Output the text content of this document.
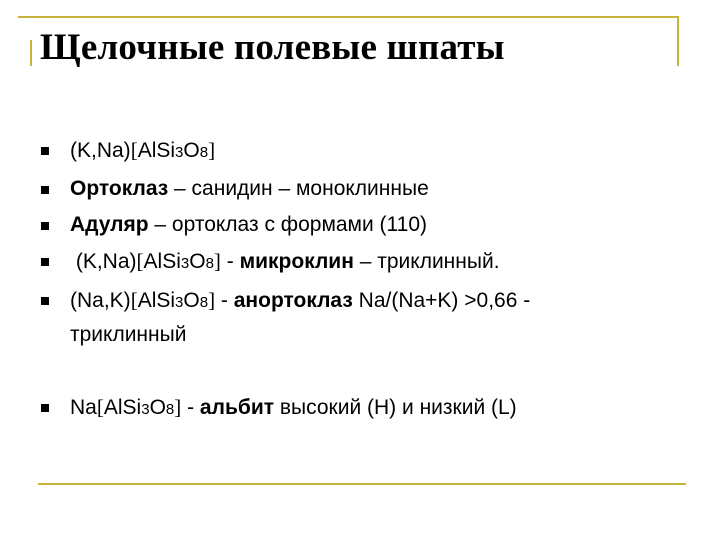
Щелочные полевые шпаты
(K,Na)[AlSi3O8]
Ортоклаз – санидин – моноклинные
Адуляр – ортоклаз с формами (110)
(K,Na)[AlSi3O8] - микроклин – триклинный.
(Na,K)[AlSi3O8] - анортоклаз Na/(Na+K) >0,66 -
триклинный
Na[AlSi3O8] - альбит высокий (H) и низкий (L)
